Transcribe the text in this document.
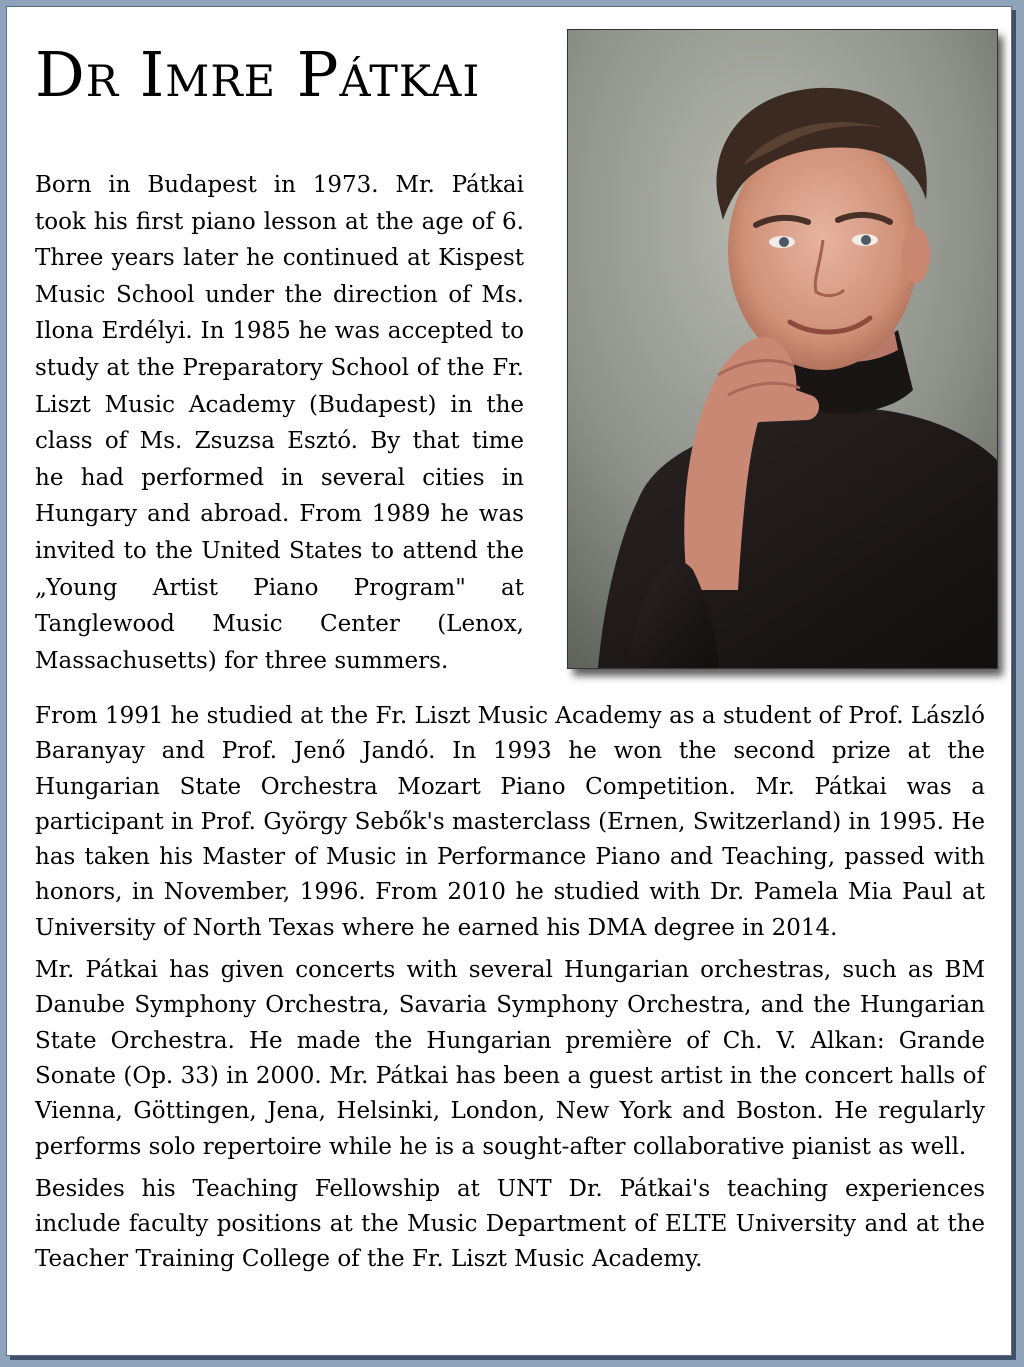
Dr Imre Pátkai

Born in Budapest in 1973. Mr. Pátkai took his first piano lesson at the age of 6. Three years later he continued at Kispest Music School under the direction of Ms. Ilona Erdélyi. In 1985 he was accepted to study at the Preparatory School of the Fr. Liszt Music Academy (Budapest) in the class of Ms. Zsuzsa Esztó. By that time he had performed in several cities in Hungary and abroad. From 1989 he was invited to the United States to attend the „Young Artist Piano Program" at Tanglewood Music Center (Lenox, Massachusetts) for three summers.

From 1991 he studied at the Fr. Liszt Music Academy as a student of Prof. László Baranyay and Prof. Jenő Jandó. In 1993 he won the second prize at the Hungarian State Orchestra Mozart Piano Competition. Mr. Pátkai was a participant in Prof. György Sebők's masterclass (Ernen, Switzerland) in 1995. He has taken his Master of Music in Performance Piano and Teaching, passed with honors, in November, 1996. From 2010 he studied with Dr. Pamela Mia Paul at University of North Texas where he earned his DMA degree in 2014.

Mr. Pátkai has given concerts with several Hungarian orchestras, such as BM Danube Symphony Orchestra, Savaria Symphony Orchestra, and the Hungarian State Orchestra. He made the Hungarian première of Ch. V. Alkan: Grande Sonate (Op. 33) in 2000. Mr. Pátkai has been a guest artist in the concert halls of Vienna, Göttingen, Jena, Helsinki, London, New York and Boston. He regularly performs solo repertoire while he is a sought-after collaborative pianist as well.

Besides his Teaching Fellowship at UNT Dr. Pátkai's teaching experiences include faculty positions at the Music Department of ELTE University and at the Teacher Training College of the Fr. Liszt Music Academy.
